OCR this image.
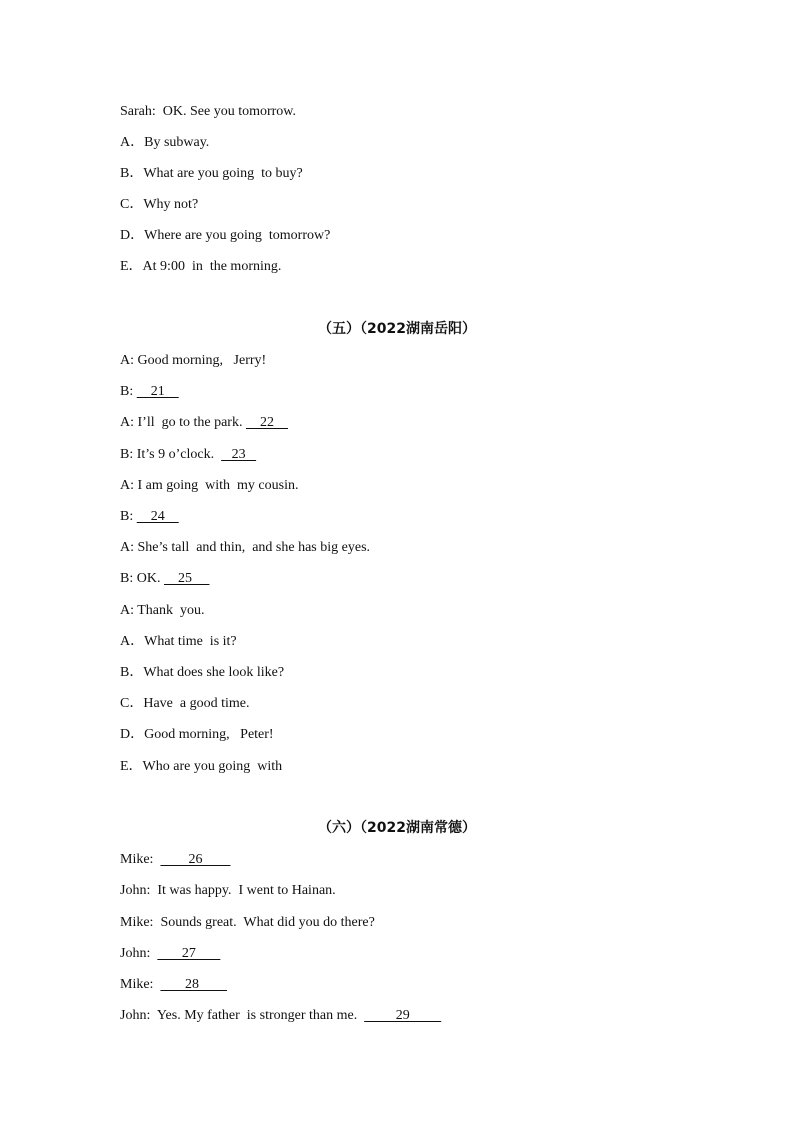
Sarah:  OK. See you tomorrow.
A．By subway.
B．What are you going  to buy?
C．Why not?
D．Where are you going  tomorrow?
E．At 9:00  in  the morning.
（五）（2022湖南岳阳）
A: Good morning,   Jerry!
B:     21
A: I’ll  go to the park.     22
B: It’s 9 o’clock.     23
A: I am going  with  my cousin.
B:     24
A: She’s tall  and thin,  and she has big eyes.
B: OK.     25
A: Thank  you.
A．What time  is it?
B．What does she look like?
C．Have  a good time.
D．Good morning,   Peter!
E．Who are you going  with
（六）（2022湖南常德）
Mike:          26
John:  It was happy.  I went to Hainan.
Mike:  Sounds great.  What did you do there?
John:         27
Mike:         28
John:  Yes. My father  is stronger than me.           29
